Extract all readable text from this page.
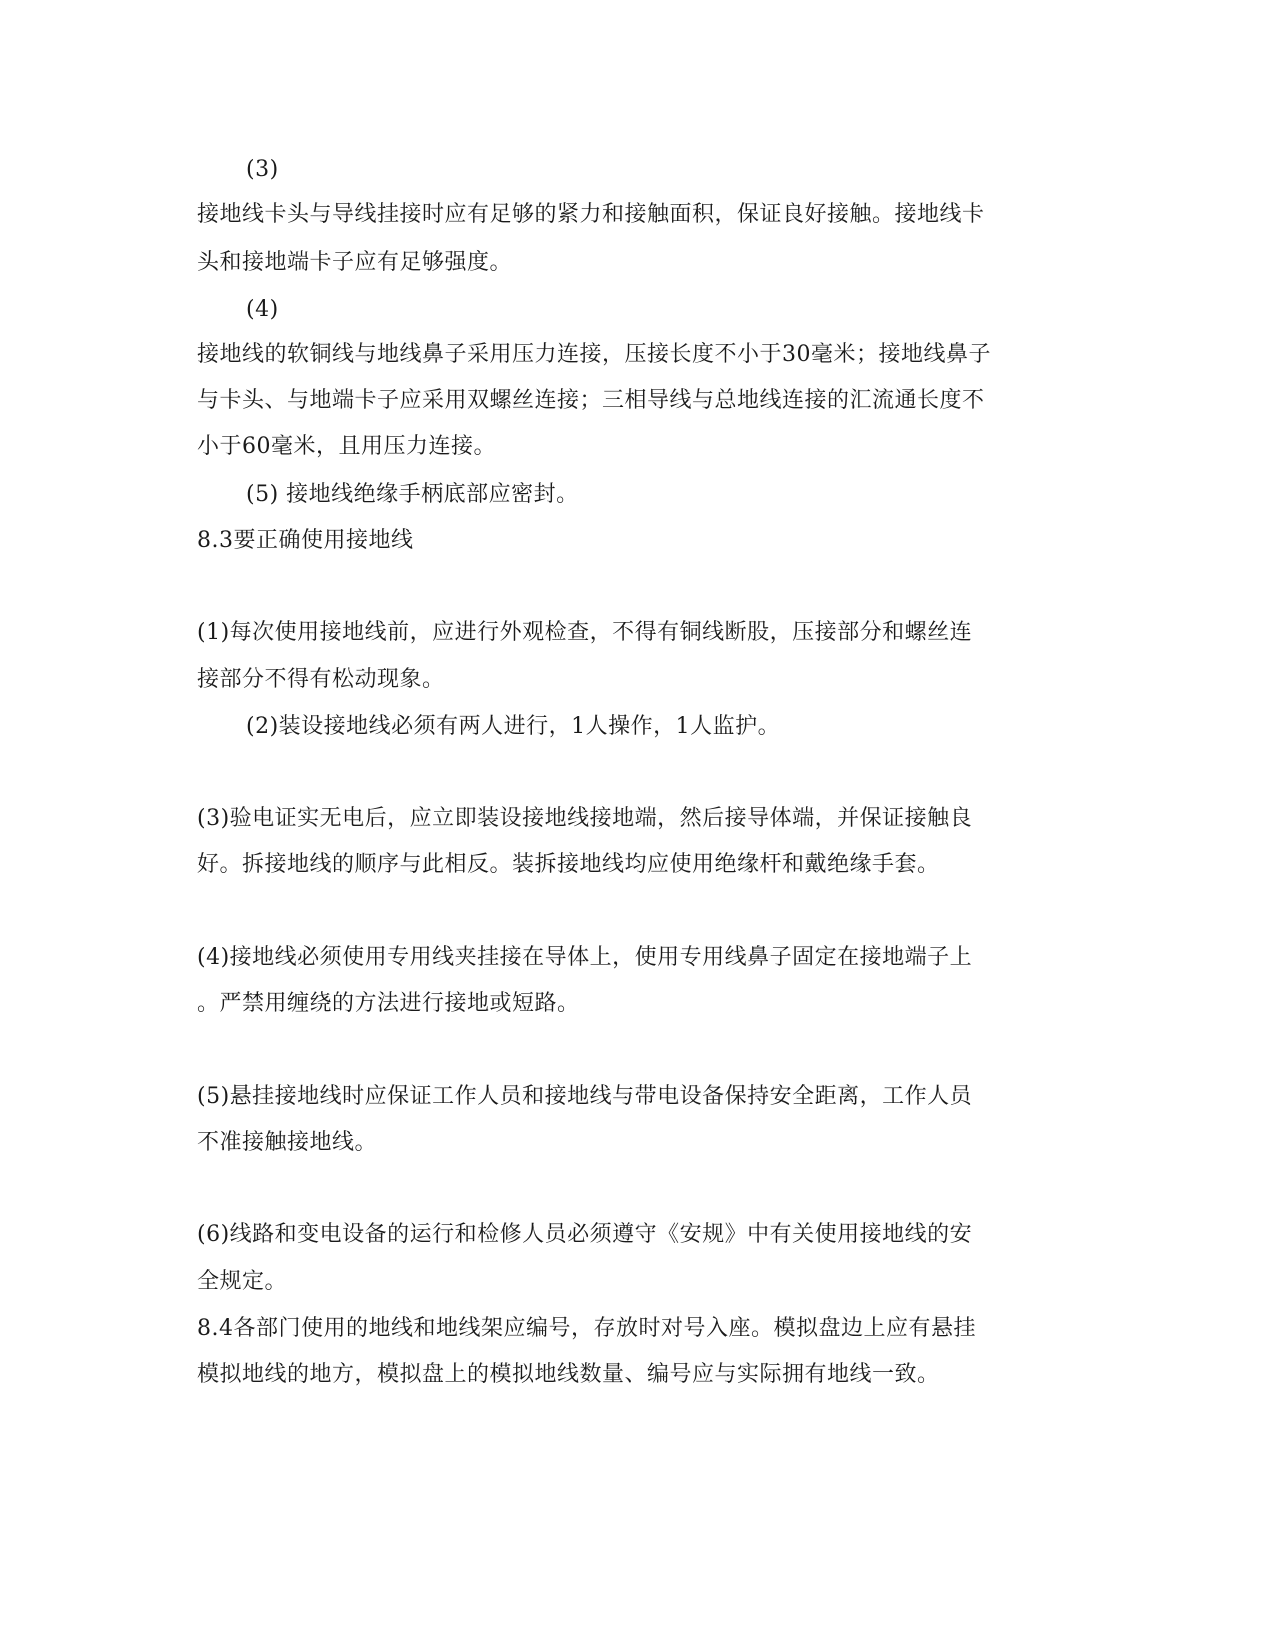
(3)
接地线卡头与导线挂接时应有足够的紧力和接触面积，保证良好接触。接地线卡
头和接地端卡子应有足够强度。
(4)
接地线的软铜线与地线鼻子采用压力连接，压接长度不小于30毫米；接地线鼻子
与卡头、与地端卡子应采用双螺丝连接；三相导线与总地线连接的汇流通长度不
小于60毫米，且用压力连接。
(5) 接地线绝缘手柄底部应密封。
8.3要正确使用接地线
(1)每次使用接地线前，应进行外观检查，不得有铜线断股，压接部分和螺丝连
接部分不得有松动现象。
(2)装设接地线必须有两人进行，1人操作，1人监护。
(3)验电证实无电后，应立即装设接地线接地端，然后接导体端，并保证接触良
好。拆接地线的顺序与此相反。装拆接地线均应使用绝缘杆和戴绝缘手套。
(4)接地线必须使用专用线夹挂接在导体上，使用专用线鼻子固定在接地端子上
。严禁用缠绕的方法进行接地或短路。
(5)悬挂接地线时应保证工作人员和接地线与带电设备保持安全距离，工作人员
不准接触接地线。
(6)线路和变电设备的运行和检修人员必须遵守《安规》中有关使用接地线的安
全规定。
8.4各部门使用的地线和地线架应编号，存放时对号入座。模拟盘边上应有悬挂
模拟地线的地方，模拟盘上的模拟地线数量、编号应与实际拥有地线一致。
